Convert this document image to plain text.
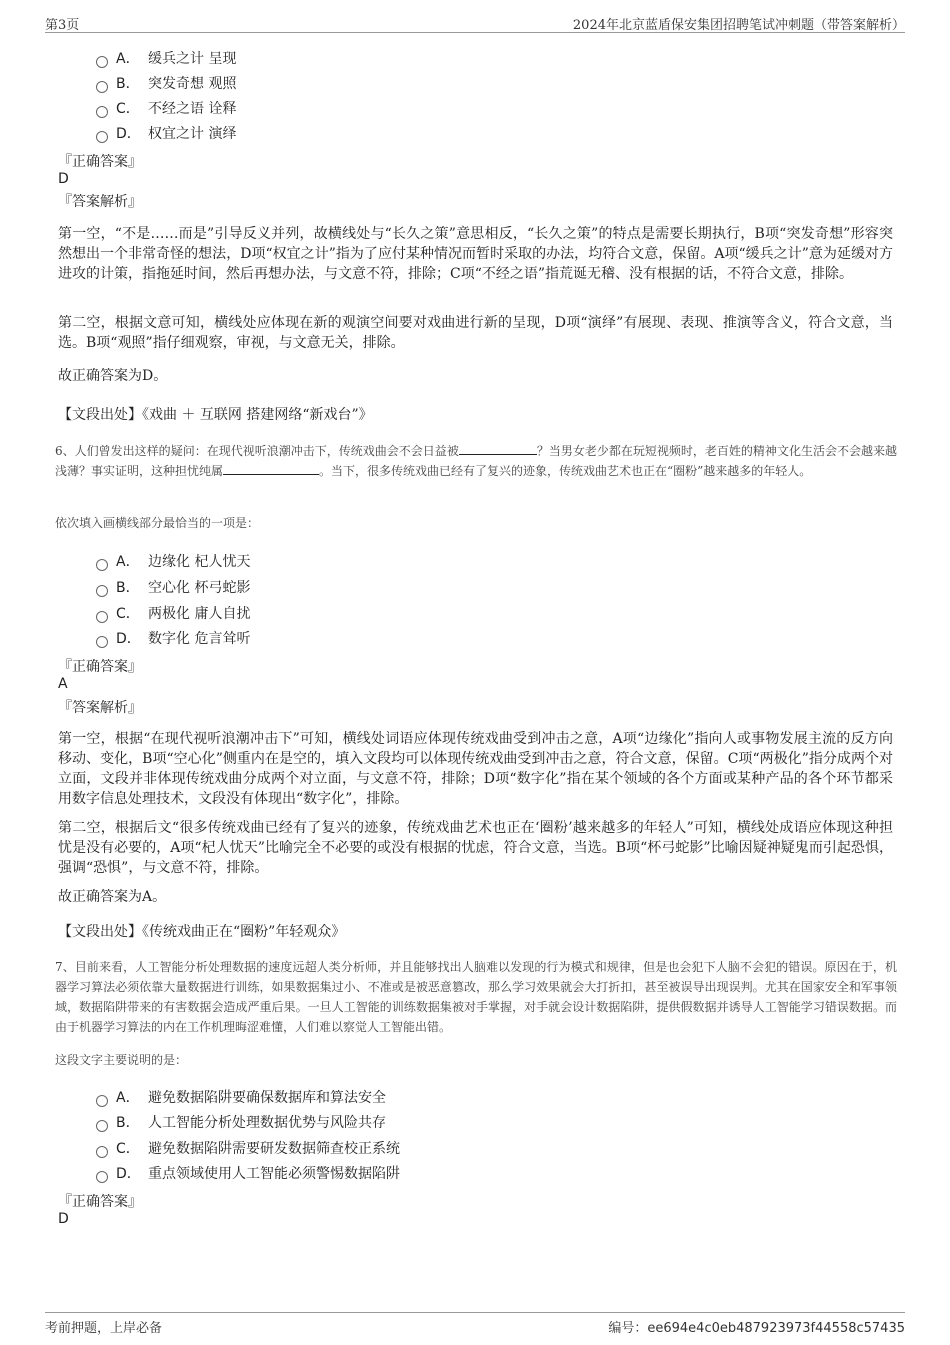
第3页	2024年北京蓝盾保安集团招聘笔试冲刺题（带答案解析）
A． 缓兵之计 呈现
B． 突发奇想 观照
C． 不经之语 诠释
D． 权宜之计 演绎
『正确答案』
D
『答案解析』
第一空，“不是……而是”引导反义并列，故横线处与“长久之策”意思相反，“长久之策”的特点是需要长期执行，B项“突发奇想”形容突然想出一个非常奇怪的想法，D项“权宜之计”指为了应付某种情况而暂时采取的办法，均符合文意，保留。A项“缓兵之计”意为延缓对方进攻的计策，指拖延时间，然后再想办法，与文意不符，排除；C项“不经之语”指荒诞无稽、没有根据的话，不符合文意，排除。
第二空，根据文意可知，横线处应体现在新的观演空间要对戏曲进行新的呈现，D项“演绎”有展现、表现、推演等含义，符合文意，当选。B项“观照”指仔细观察，审视，与文意无关，排除。
故正确答案为D。
【文段出处】《戏曲 ＋ 互联网 搭建网络“新戏台”》
6、人们曾发出这样的疑问：在现代视听浪潮冲击下，传统戏曲会不会日益被	？当男女老少都在玩短视频时，老百姓的精神文化生活会不会越来越浅薄？事实证明，这种担忧纯属	。当下，很多传统戏曲已经有了复兴的迹象，传统戏曲艺术也正在“圈粉”越来越多的年轻人。
依次填入画横线部分最恰当的一项是：
A． 边缘化 杞人忧天
B． 空心化 杯弓蛇影
C． 两极化 庸人自扰
D． 数字化 危言耸听
『正确答案』
A
『答案解析』
第一空，根据“在现代视听浪潮冲击下”可知，横线处词语应体现传统戏曲受到冲击之意，A项“边缘化”指向人或事物发展主流的反方向移动、变化，B项“空心化”侧重内在是空的，填入文段均可以体现传统戏曲受到冲击之意，符合文意，保留。C项“两极化”指分成两个对立面，文段并非体现传统戏曲分成两个对立面，与文意不符，排除；D项“数字化”指在某个领域的各个方面或某种产品的各个环节都采用数字信息处理技术，文段没有体现出“数字化”，排除。
第二空，根据后文“很多传统戏曲已经有了复兴的迹象，传统戏曲艺术也正在‘圈粉’越来越多的年轻人”可知，横线处成语应体现这种担忧是没有必要的，A项“杞人忧天”比喻完全不必要的或没有根据的忧虑，符合文意，当选。B项“杯弓蛇影”比喻因疑神疑鬼而引起恐惧，强调“恐惧”，与文意不符，排除。
故正确答案为A。
【文段出处】《传统戏曲正在“圈粉”年轻观众》
7、目前来看，人工智能分析处理数据的速度远超人类分析师，并且能够找出人脑难以发现的行为模式和规律，但是也会犯下人脑不会犯的错误。原因在于，机器学习算法必须依靠大量数据进行训练，如果数据集过小、不准或是被恶意篡改，那么学习效果就会大打折扣，甚至被误导出现误判。尤其在国家安全和军事领域，数据陷阱带来的有害数据会造成严重后果。一旦人工智能的训练数据集被对手掌握，对手就会设计数据陷阱，提供假数据并诱导人工智能学习错误数据。而由于机器学习算法的内在工作机理晦涩难懂，人们难以察觉人工智能出错。
这段文字主要说明的是：
A． 避免数据陷阱要确保数据库和算法安全
B． 人工智能分析处理数据优势与风险共存
C． 避免数据陷阱需要研发数据筛查校正系统
D． 重点领域使用人工智能必须警惕数据陷阱
『正确答案』
D
考前押题，上岸必备	编号：ee694e4c0eb487923973f44558c57435
